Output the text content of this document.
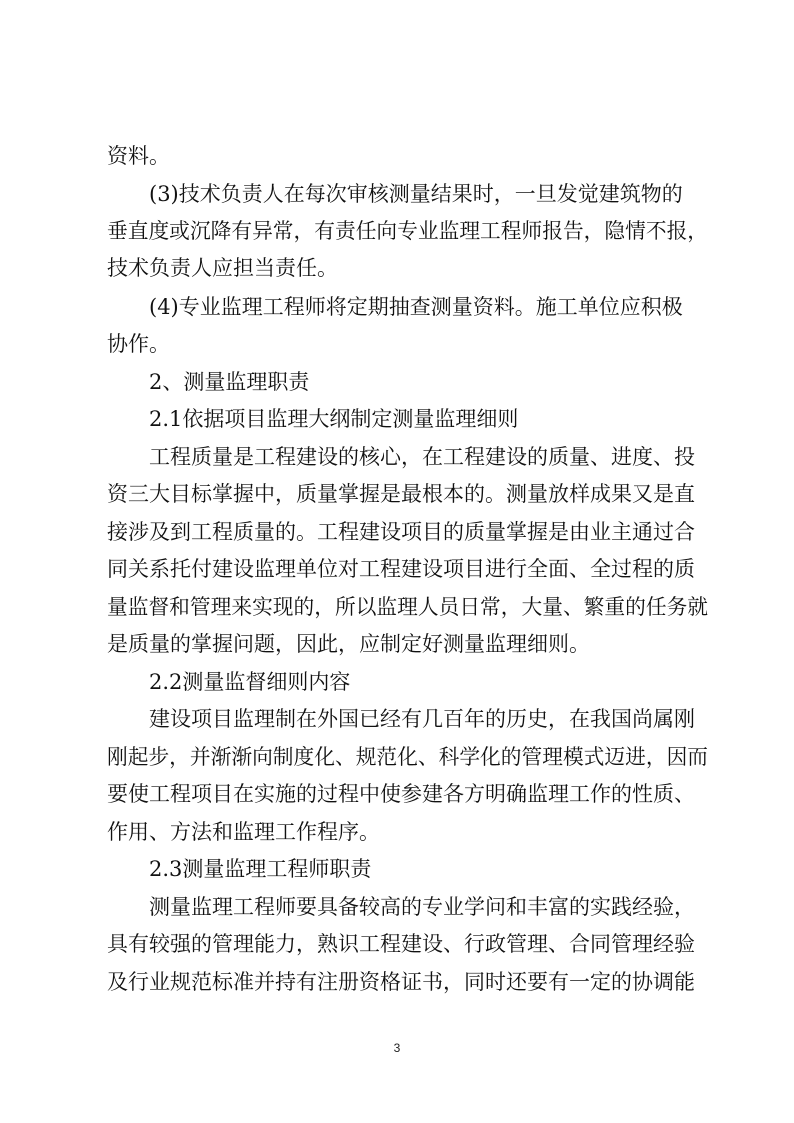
资料。
(3)技术负责人在每次审核测量结果时，一旦发觉建筑物的
垂直度或沉降有异常，有责任向专业监理工程师报告，隐情不报，
技术负责人应担当责任。
(4)专业监理工程师将定期抽查测量资料。施工单位应积极
协作。
2、测量监理职责
2.1依据项目监理大纲制定测量监理细则
工程质量是工程建设的核心，在工程建设的质量、进度、投
资三大目标掌握中，质量掌握是最根本的。测量放样成果又是直
接涉及到工程质量的。工程建设项目的质量掌握是由业主通过合
同关系托付建设监理单位对工程建设项目进行全面、全过程的质
量监督和管理来实现的，所以监理人员日常，大量、繁重的任务就
是质量的掌握问题，因此，应制定好测量监理细则。
2.2测量监督细则内容
建设项目监理制在外国已经有几百年的历史，在我国尚属刚
刚起步，并渐渐向制度化、规范化、科学化的管理模式迈进，因而
要使工程项目在实施的过程中使参建各方明确监理工作的性质、
作用、方法和监理工作程序。
2.3测量监理工程师职责
测量监理工程师要具备较高的专业学问和丰富的实践经验，
具有较强的管理能力，熟识工程建设、行政管理、合同管理经验
及行业规范标准并持有注册资格证书，同时还要有一定的协调能
3
